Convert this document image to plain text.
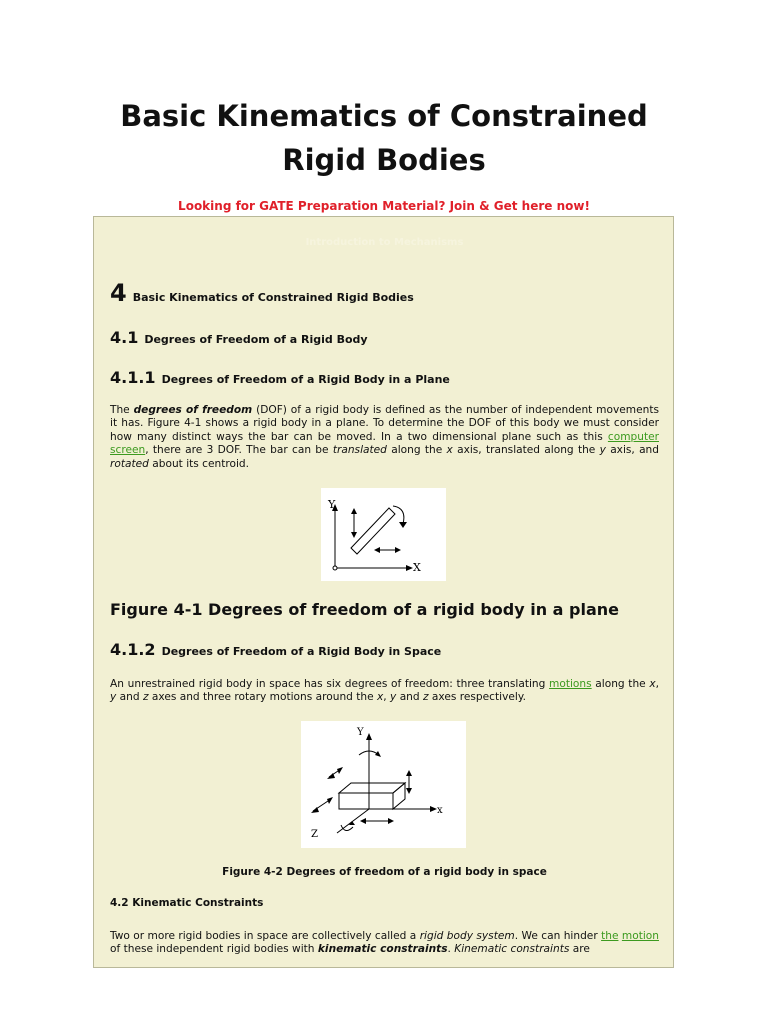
Basic Kinematics of Constrained
Rigid Bodies
Looking for GATE Preparation Material? Join & Get here now!
Introduction to Mechanisms
4 Basic Kinematics of Constrained Rigid Bodies
4.1 Degrees of Freedom of a Rigid Body
4.1.1 Degrees of Freedom of a Rigid Body in a Plane

The degrees of freedom (DOF) of a rigid body is defined as the number of independent movements it has. Figure 4-1 shows a rigid body in a plane. To determine the DOF of this body we must consider how many distinct ways the bar can be moved. In a two dimensional plane such as this computer screen, there are 3 DOF. The bar can be translated along the x axis, translated along the y axis, and rotated about its centroid.

Y
X
Figure 4-1 Degrees of freedom of a rigid body in a plane
4.1.2 Degrees of Freedom of a Rigid Body in Space

An unrestrained rigid body in space has six degrees of freedom: three translating motions along the x, y and z axes and three rotary motions around the x, y and z axes respectively.

Y
x
Z
Figure 4-2 Degrees of freedom of a rigid body in space
4.2 Kinematic Constraints

Two or more rigid bodies in space are collectively called a rigid body system. We can hinder the motion of these independent rigid bodies with kinematic constraints. Kinematic constraints are
